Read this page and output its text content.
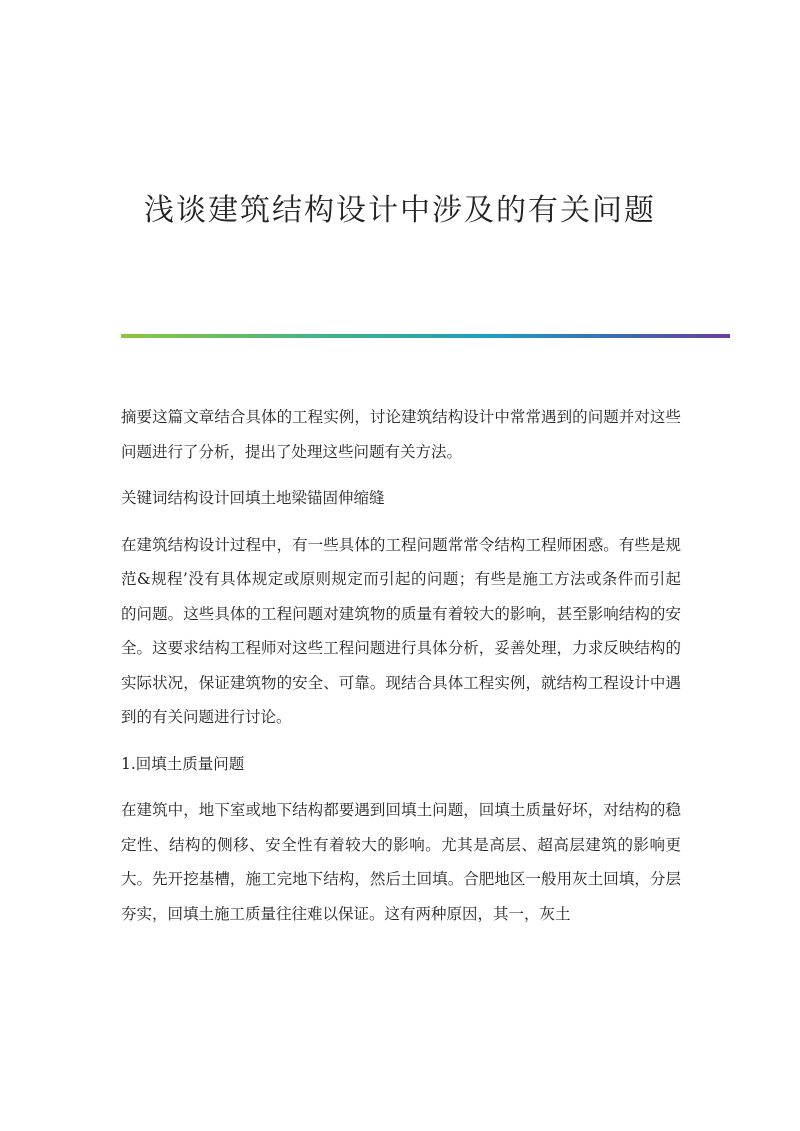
浅谈建筑结构设计中涉及的有关问题

摘要这篇文章结合具体的工程实例，讨论建筑结构设计中常常遇到的问题并对这些问题进行了分析，提出了处理这些问题有关方法。

关键词结构设计回填土地梁锚固伸缩缝

在建筑结构设计过程中，有一些具体的工程问题常常令结构工程师困惑。有些是规范&规程’没有具体规定或原则规定而引起的问题；有些是施工方法或条件而引起的问题。这些具体的工程问题对建筑物的质量有着较大的影响，甚至影响结构的安全。这要求结构工程师对这些工程问题进行具体分析，妥善处理，力求反映结构的实际状况，保证建筑物的安全、可靠。现结合具体工程实例，就结构工程设计中遇到的有关问题进行讨论。

1.回填土质量问题

在建筑中，地下室或地下结构都要遇到回填土问题，回填土质量好坏，对结构的稳定性、结构的侧移、安全性有着较大的影响。尤其是高层、超高层建筑的影响更大。先开挖基槽，施工完地下结构，然后土回填。合肥地区一般用灰土回填，分层夯实，回填土施工质量往往难以保证。这有两种原因，其一，灰土
